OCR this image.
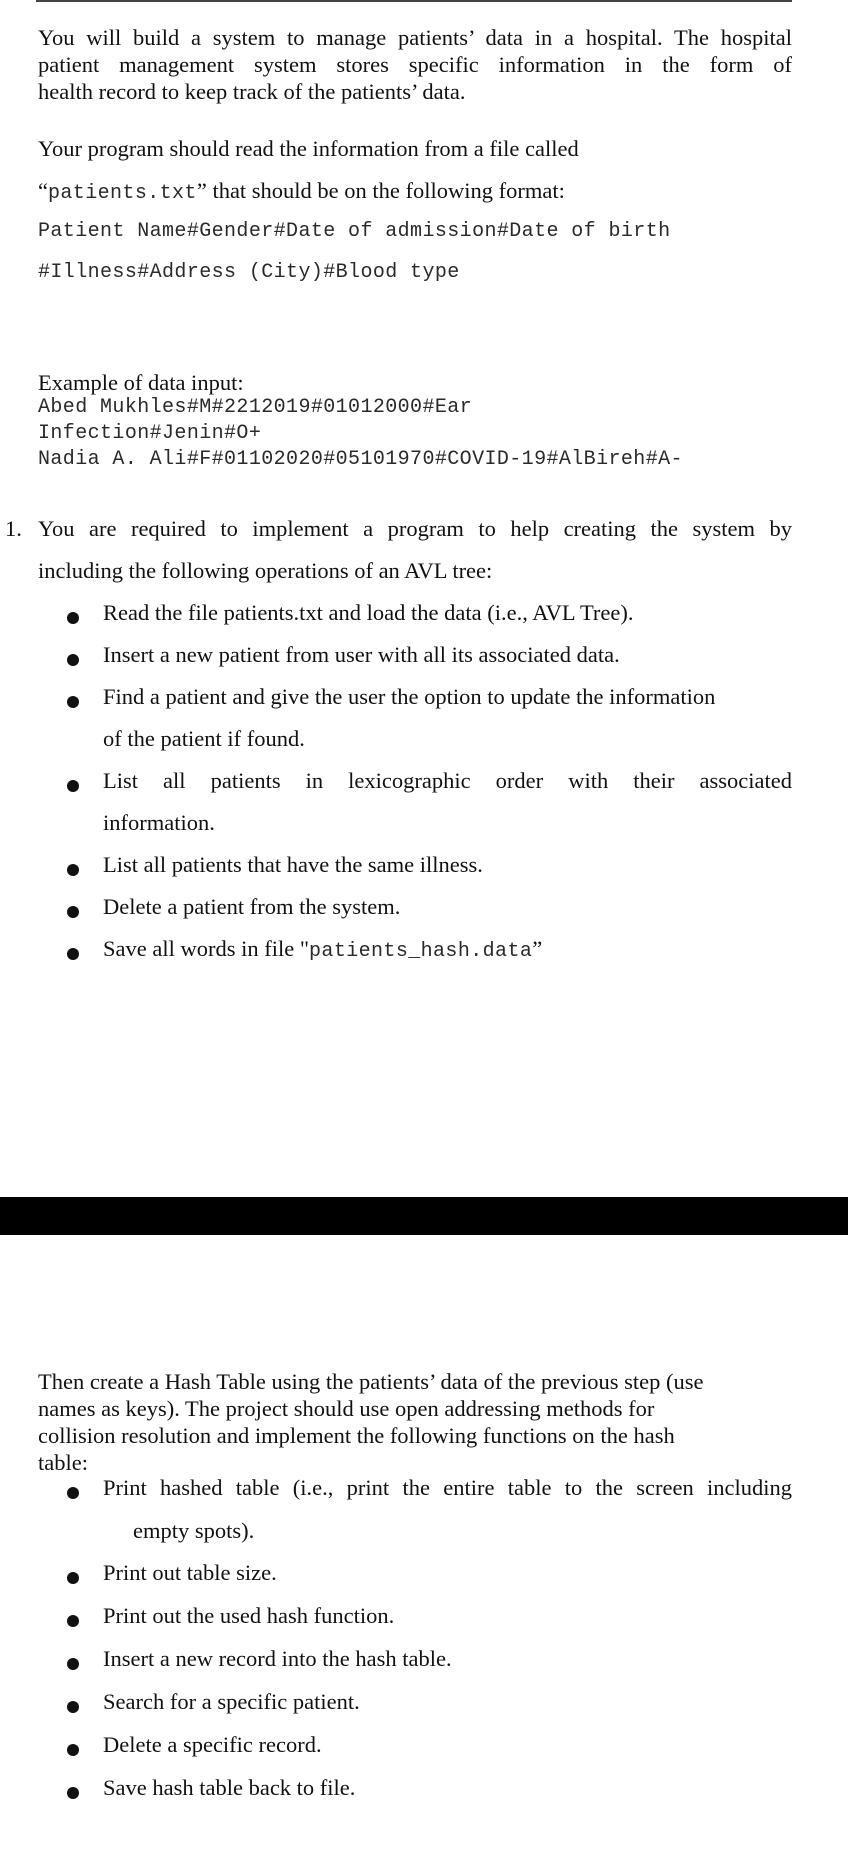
You will build a system to manage patients’ data in a hospital. The hospital
patient management system stores specific information in the form of
health record to keep track of the patients’ data.
Your program should read the information from a file called
“patients.txt” that should be on the following format:
Patient Name#Gender#Date of admission#Date of birth
#Illness#Address (City)#Blood type
Example of data input:
Abed Mukhles#M#2212019#01012000#Ear
Infection#Jenin#O+
Nadia A. Ali#F#01102020#05101970#COVID-19#AlBireh#A-
1. You are required to implement a program to help creating the system by
including the following operations of an AVL tree:
Read the file patients.txt and load the data (i.e., AVL Tree).
Insert a new patient from user with all its associated data.
Find a patient and give the user the option to update the information
of the patient if found.
List all patients in lexicographic order with their associated
information.
List all patients that have the same illness.
Delete a patient from the system.
Save all words in file "patients_hash.data”
Then create a Hash Table using the patients’ data of the previous step (use
names as keys). The project should use open addressing methods for
collision resolution and implement the following functions on the hash
table:
Print hashed table (i.e., print the entire table to the screen including
empty spots).
Print out table size.
Print out the used hash function.
Insert a new record into the hash table.
Search for a specific patient.
Delete a specific record.
Save hash table back to file.
